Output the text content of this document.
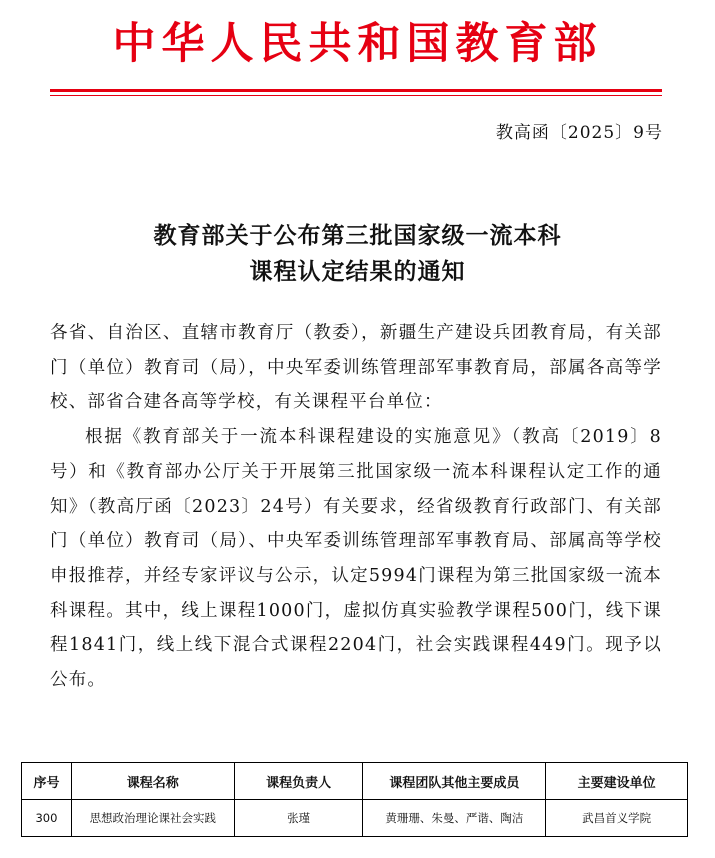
中华人民共和国教育部
教高函〔2025〕9号
教育部关于公布第三批国家级一流本科
课程认定结果的通知

各省、自治区、直辖市教育厅（教委），新疆生产建设兵团教育局，有关部门（单位）教育司（局），中央军委训练管理部军事教育局，部属各高等学校、部省合建各高等学校，有关课程平台单位：

根据《教育部关于一流本科课程建设的实施意见》（教高〔2019〕8号）和《教育部办公厅关于开展第三批国家级一流本科课程认定工作的通知》（教高厅函〔2023〕24号）有关要求，经省级教育行政部门、有关部门（单位）教育司（局）、中央军委训练管理部军事教育局、部属高等学校申报推荐，并经专家评议与公示，认定5994门课程为第三批国家级一流本科课程。其中，线上课程1000门，虚拟仿真实验教学课程500门，线下课程1841门，线上线下混合式课程2204门，社会实践课程449门。现予以公布。

序号	课程名称	课程负责人	课程团队其他主要成员	主要建设单位
300	思想政治理论课社会实践	张瑾	黄珊珊、朱曼、严谐、陶洁	武昌首义学院
